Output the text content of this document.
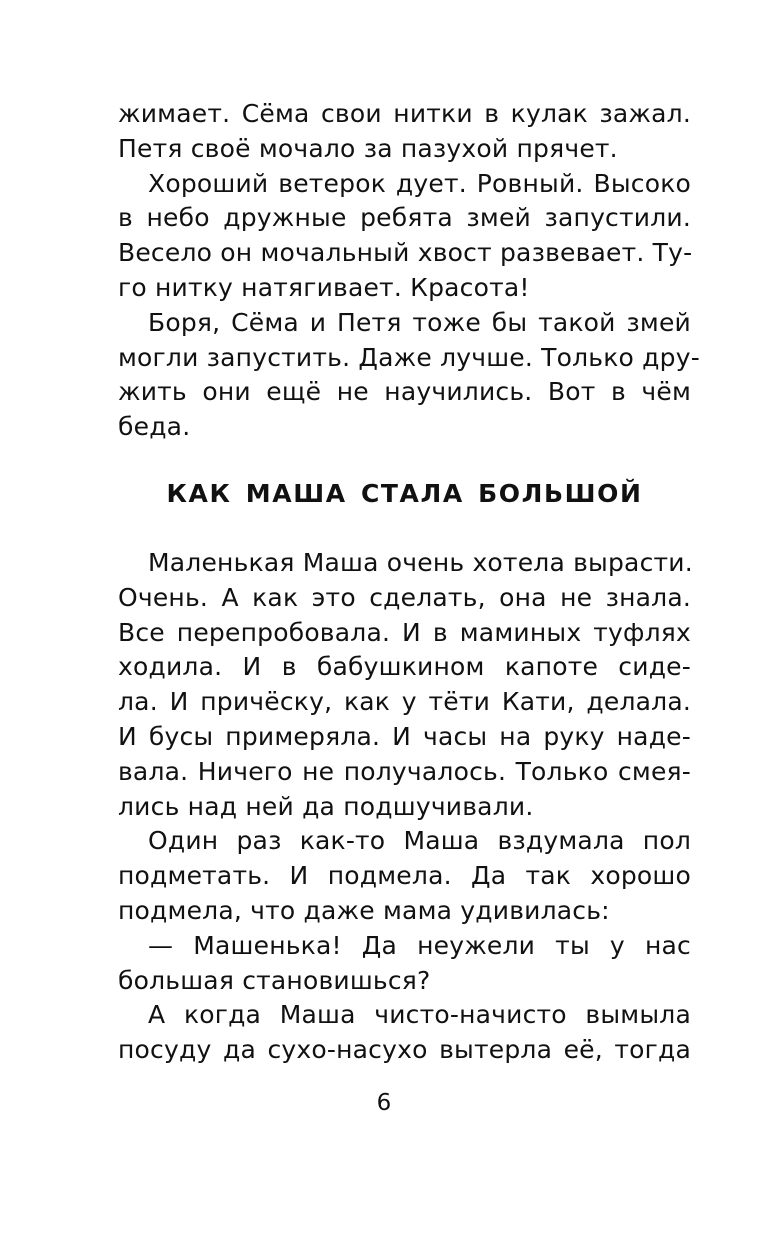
жимает. Сёма свои нитки в кулак зажал.

Петя своё мочало за пазухой прячет.

Хороший ветерок дует. Ровный. Высоко

в небо дружные ребята змей запустили.

Весело он мочальный хвост развевает. Ту-

го нитку натягивает. Красота!

Боря, Сёма и Петя тоже бы такой змей

могли запустить. Даже лучше. Только дру-

жить они ещё не научились. Вот в чём

беда.

КАК МАША СТАЛА БОЛЬШОЙ

Маленькая Маша очень хотела вырасти.

Очень. А как это сделать, она не знала.

Все перепробовала. И в маминых туфлях

ходила. И в бабушкином капоте сиде-

ла. И причёску, как у тёти Кати, делала.

И бусы примеряла. И часы на руку наде-

вала. Ничего не получалось. Только смея-

лись над ней да подшучивали.

Один раз как-то Маша вздумала пол

подметать. И подмела. Да так хорошо

подмела, что даже мама удивилась:

— Машенька! Да неужели ты у нас

большая становишься?

А когда Маша чисто-начисто вымыла

посуду да сухо-насухо вытерла её, тогда

6
